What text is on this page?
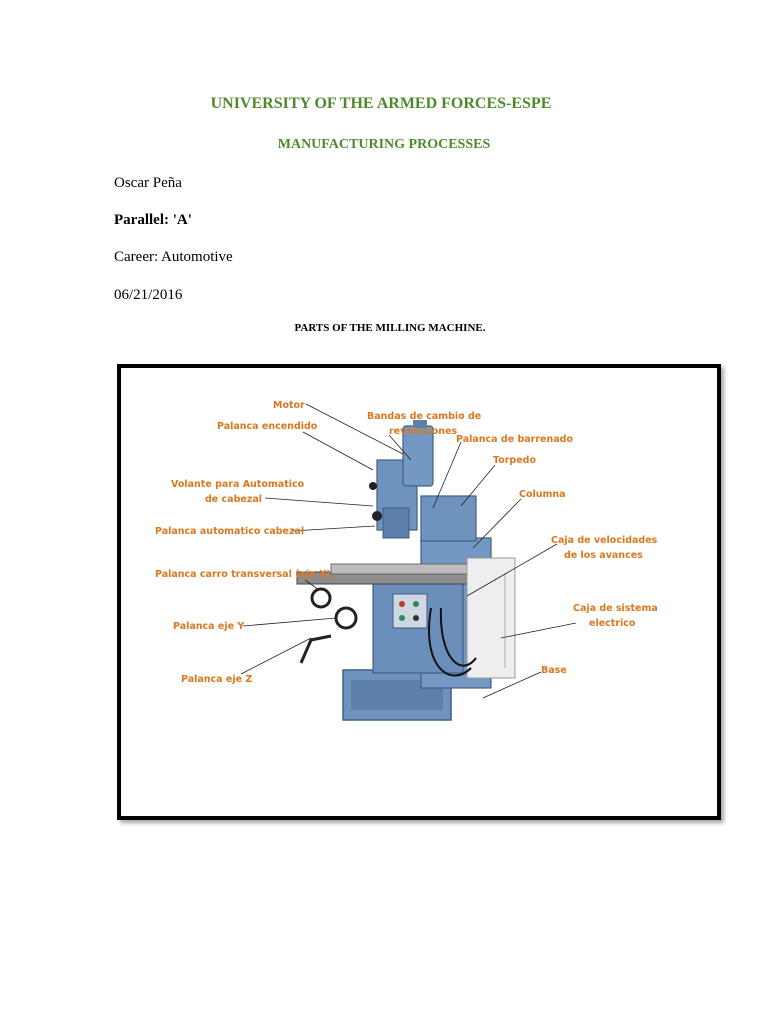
UNIVERSITY OF THE ARMED FORCES-ESPE
MANUFACTURING PROCESSES
Oscar Peña
Parallel: 'A'
Career: Automotive
06/21/2016
PARTS OF THE MILLING MACHINE.
Motor
Bandas de cambio de
revoluciones
Palanca encendido
Palanca de barrenado
Torpedo
Volante para Automatico
de cabezal	Columna
Palanca automatico cabezal
Caja de velocidades
de los avances
Palanca carro transversal (eje X)
Caja de sistema
electrico
Palanca eje Y
Base
Palanca eje Z
